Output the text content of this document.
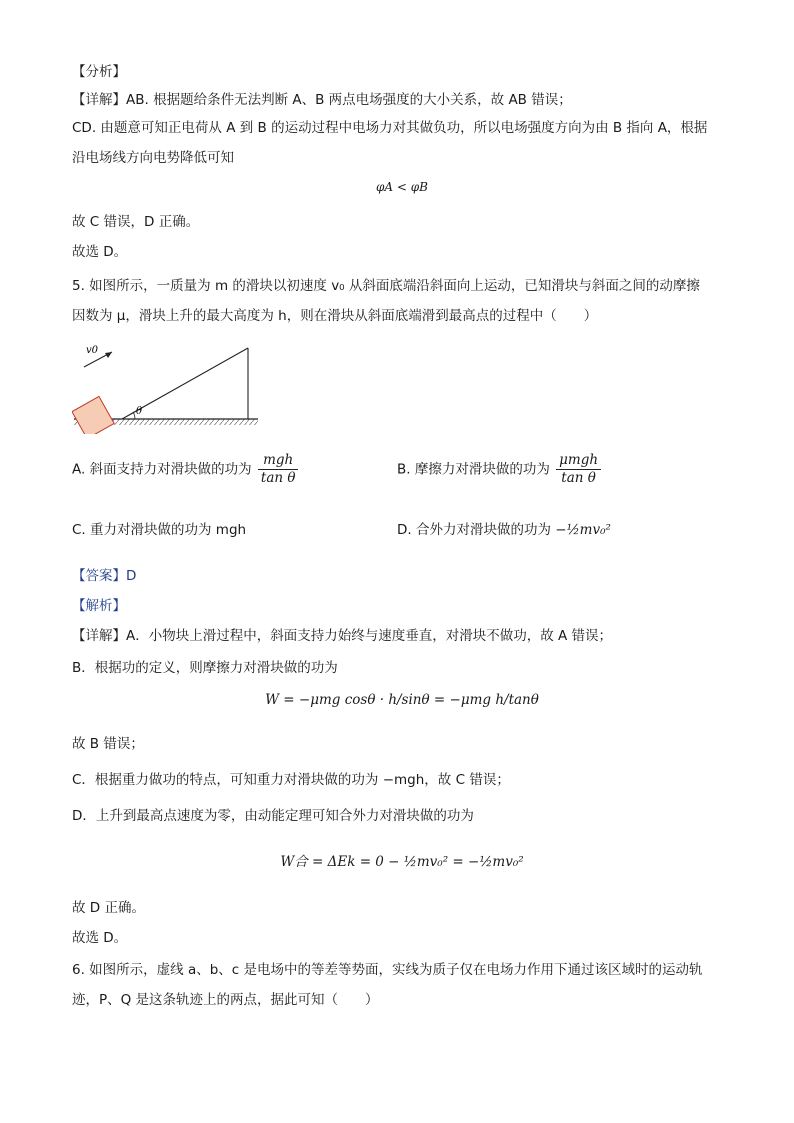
【分析】
【详解】AB. 根据题给条件无法判断 A、B 两点电场强度的大小关系，故 AB 错误；
CD. 由题意可知正电荷从 A 到 B 的运动过程中电场力对其做负功，所以电场强度方向为由 B 指向 A，根据
沿电场线方向电势降低可知
φA < φB
故 C 错误，D 正确。
故选 D。
5. 如图所示，一质量为 m 的滑块以初速度 v₀ 从斜面底端沿斜面向上运动，已知滑块与斜面之间的动摩擦
因数为 μ，滑块上升的最大高度为 h，则在滑块从斜面底端滑到最高点的过程中（　　）
v0
θ
A. 斜面支持力对滑块做的功为 $\frac{\text{mgh}}{\text{tan θ}}$	B. 摩擦力对滑块做的功为 $\frac{\text{μmgh}}{\text{tan θ}}$
C. 重力对滑块做的功为 mgh	D. 合外力对滑块做的功为 −½mv₀²
【答案】D
【解析】
【详解】A．小物块上滑过程中，斜面支持力始终与速度垂直，对滑块不做功，故 A 错误；
B．根据功的定义，则摩擦力对滑块做的功为
W = −μmg cosθ · h/sinθ = −μmg h/tanθ
故 B 错误；
C．根据重力做功的特点，可知重力对滑块做的功为 −mgh，故 C 错误；
D．上升到最高点速度为零，由动能定理可知合外力对滑块做的功为
W合 = ΔEk = 0 − ½mv₀² = −½mv₀²
故 D 正确。
故选 D。
6. 如图所示，虚线 a、b、c 是电场中的等差等势面，实线为质子仅在电场力作用下通过该区域时的运动轨
迹，P、Q 是这条轨迹上的两点，据此可知（　　）
